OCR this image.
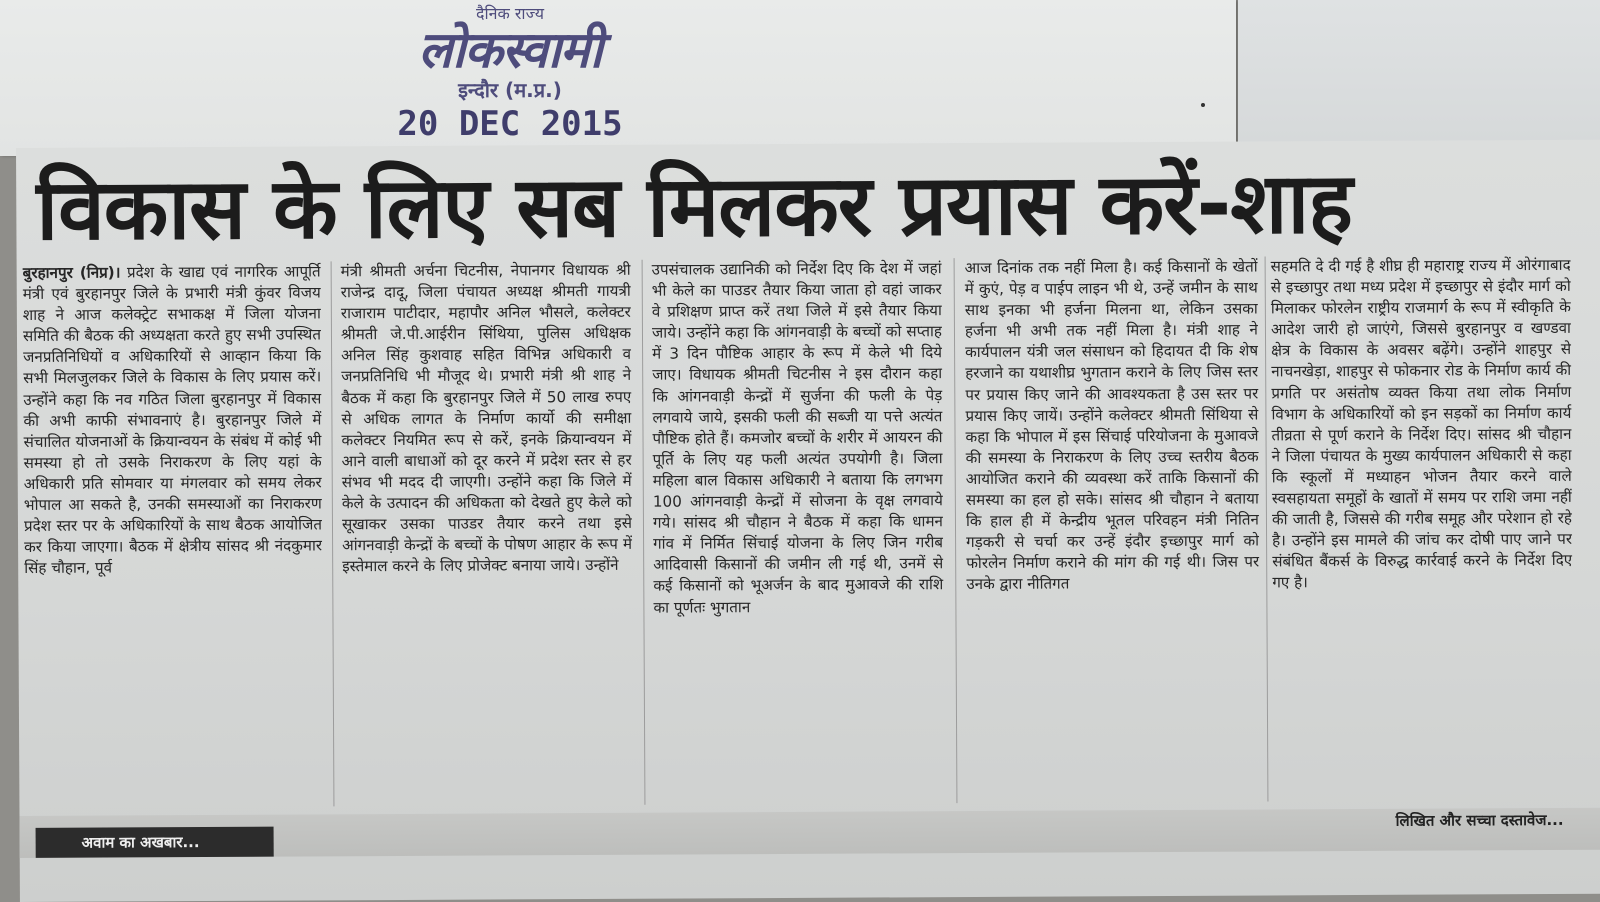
दैनिक राज्य
लोकस्वामी
इन्दौर (म.प्र.)
20 DEC 2015
विकास के लिए सब मिलकर प्रयास करें-शाह

बुरहानपुर (निप्र)। प्रदेश के खाद्य एवं नागरिक आपूर्ति मंत्री एवं बुरहानपुर जिले के प्रभारी मंत्री कुंवर विजय शाह ने आज कलेक्ट्रेट सभाकक्ष में जिला योजना समिति की बैठक की अध्यक्षता करते हुए सभी उपस्थित जनप्रतिनिधियों व अधिकारियों से आव्हान किया कि सभी मिलजुलकर जिले के विकास के लिए प्रयास करें। उन्होंने कहा कि नव गठित जिला बुरहानपुर में विकास की अभी काफी संभावनाएं है। बुरहानपुर जिले में संचालित योजनाओं के क्रियान्वयन के संबंध में कोई भी समस्या हो तो उसके निराकरण के लिए यहां के अधिकारी प्रति सोमवार या मंगलवार को समय लेकर भोपाल आ सकते है, उनकी समस्याओं का निराकरण प्रदेश स्तर पर के अधिकारियों के साथ बैठक आयोजित कर किया जाएगा। बैठक में क्षेत्रीय सांसद श्री नंदकुमार सिंह चौहान, पूर्व

मंत्री श्रीमती अर्चना चिटनीस, नेपानगर विधायक श्री राजेन्द्र दादू, जिला पंचायत अध्यक्ष श्रीमती गायत्री राजाराम पाटीदार, महापौर अनिल भौसले, कलेक्टर श्रीमती जे.पी.आईरीन सिंथिया, पुलिस अधिक्षक अनिल सिंह कुशवाह सहित विभिन्न अधिकारी व जनप्रतिनिधि भी मौजूद थे। प्रभारी मंत्री श्री शाह ने बैठक में कहा कि बुरहानपुर जिले में 50 लाख रुपए से अधिक लागत के निर्माण कार्यो की समीक्षा कलेक्टर नियमित रूप से करें, इनके क्रियान्वयन में आने वाली बाधाओं को दूर करने में प्रदेश स्तर से हर संभव भी मदद दी जाएगी। उन्होंने कहा कि जिले में केले के उत्पादन की अधिकता को देखते हुए केले को सूखाकर उसका पाउडर तैयार करने तथा इसे आंगनवाड़ी केन्द्रों के बच्चों के पोषण आहार के रूप में इस्तेमाल करने के लिए प्रोजेक्ट बनाया जाये। उन्होंने

उपसंचालक उद्यानिकी को निर्देश दिए कि देश में जहां भी केले का पाउडर तैयार किया जाता हो वहां जाकर वे प्रशिक्षण प्राप्त करें तथा जिले में इसे तैयार किया जाये। उन्होंने कहा कि आंगनवाड़ी के बच्चों को सप्ताह में 3 दिन पौष्टिक आहार के रूप में केले भी दिये जाए। विधायक श्रीमती चिटनीस ने इस दौरान कहा कि आंगनवाड़ी केन्द्रों में सुर्जना की फली के पेड़ लगवाये जाये, इसकी फली की सब्जी या पत्ते अत्यंत पौष्टिक होते हैं। कमजोर बच्चों के शरीर में आयरन की पूर्ति के लिए यह फली अत्यंत उपयोगी है। जिला महिला बाल विकास अधिकारी ने बताया कि लगभग 100 आंगनवाड़ी केन्द्रों में सोजना के वृक्ष लगवाये गये। सांसद श्री चौहान ने बैठक में कहा कि धामन गांव में निर्मित सिंचाई योजना के लिए जिन गरीब आदिवासी किसानों की जमीन ली गई थी, उनमें से कई किसानों को भूअर्जन के बाद मुआवजे की राशि का पूर्णतः भुगतान

आज दिनांक तक नहीं मिला है। कई किसानों के खेतों में कुएं, पेड़ व पाईप लाइन भी थे, उन्हें जमीन के साथ साथ इनका भी हर्जना मिलना था, लेकिन उसका हर्जना भी अभी तक नहीं मिला है। मंत्री शाह ने कार्यपालन यंत्री जल संसाधन को हिदायत दी कि शेष हरजाने का यथाशीघ्र भुगतान कराने के लिए जिस स्तर पर प्रयास किए जाने की आवश्यकता है उस स्तर पर प्रयास किए जायें। उन्होंने कलेक्टर श्रीमती सिंथिया से कहा कि भोपाल में इस सिंचाई परियोजना के मुआवजे की समस्या के निराकरण के लिए उच्च स्तरीय बैठक आयोजित कराने की व्यवस्था करें ताकि किसानों की समस्या का हल हो सके। सांसद श्री चौहान ने बताया कि हाल ही में केन्द्रीय भूतल परिवहन मंत्री नितिन गड़करी से चर्चा कर उन्हें इंदौर इच्छापुर मार्ग को फोरलेन निर्माण कराने की मांग की गई थी। जिस पर उनके द्वारा नीतिगत

सहमति दे दी गई है शीघ्र ही महाराष्ट्र राज्य में ओरंगाबाद से इच्छापुर तथा मध्य प्रदेश में इच्छापुर से इंदौर मार्ग को मिलाकर फोरलेन राष्ट्रीय राजमार्ग के रूप में स्वीकृति के आदेश जारी हो जाएंगे, जिससे बुरहानपुर व खण्डवा क्षेत्र के विकास के अवसर बढ़ेंगे। उन्होंने शाहपुर से नाचनखेड़ा, शाहपुर से फोकनार रोड के निर्माण कार्य की प्रगति पर असंतोष व्यक्त किया तथा लोक निर्माण विभाग के अधिकारियों को इन सड़कों का निर्माण कार्य तीव्रता से पूर्ण कराने के निर्देश दिए। सांसद श्री चौहान ने जिला पंचायत के मुख्य कार्यपालन अधिकारी से कहा कि स्कूलों में मध्याहन भोजन तैयार करने वाले स्वसहायता समूहों के खातों में समय पर राशि जमा नहीं की जाती है, जिससे की गरीब समूह और परेशान हो रहे है। उन्होंने इस मामले की जांच कर दोषी पाए जाने पर संबंधित बैंकर्स के विरुद्ध कार्रवाई करने के निर्देश दिए गए है।

अवाम का अखबार...
लिखित और सच्चा दस्तावेज...
